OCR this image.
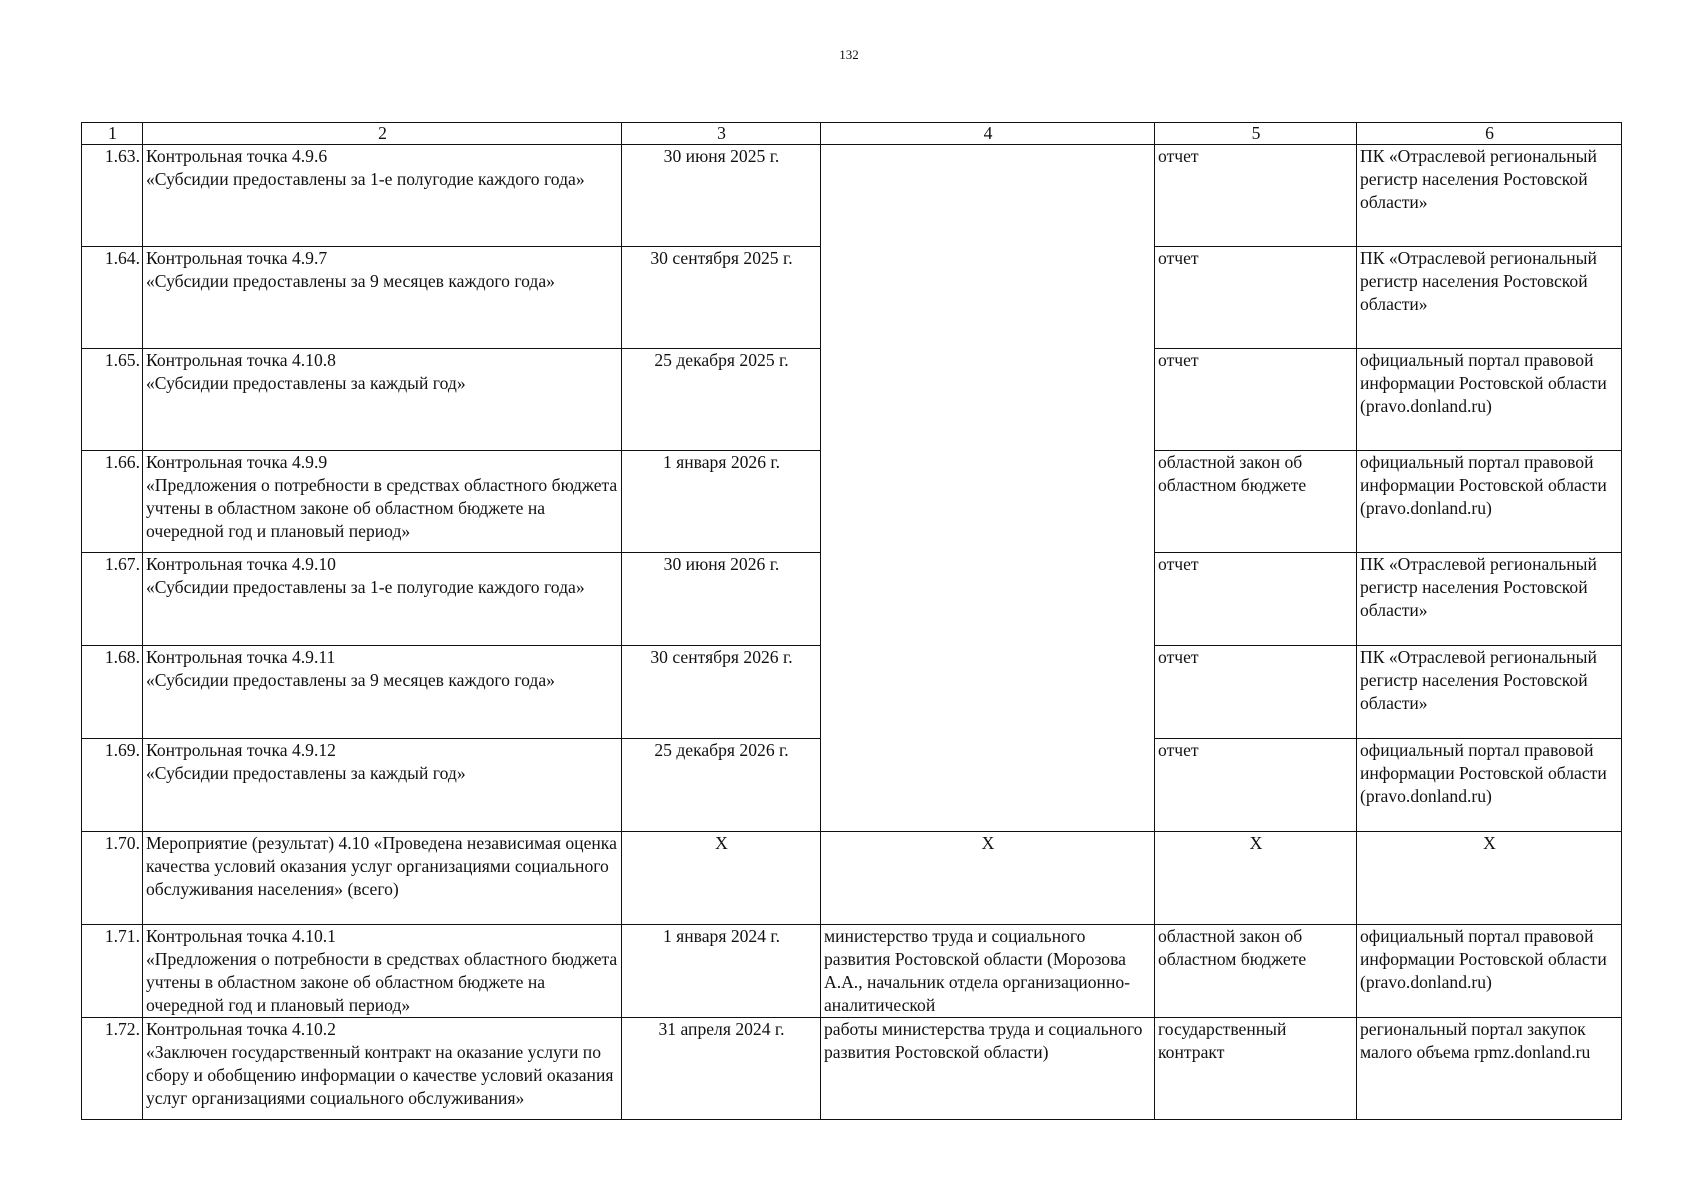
132
1	2	3	4	5	6
1.63.	Контрольная точка 4.9.6
«Субсидии предоставлены за 1-е полугодие каждого года»	30 июня 2025 г.		отчет	ПК «Отраслевой региональный регистр населения Ростовской области»
1.64.	Контрольная точка 4.9.7
«Субсидии предоставлены за 9 месяцев каждого года»	30 сентября 2025 г.		отчет	ПК «Отраслевой региональный регистр населения Ростовской области»
1.65.	Контрольная точка 4.10.8
«Субсидии предоставлены за каждый год»	25 декабря 2025 г.		отчет	официальный портал правовой информации Ростовской области (pravo.donland.ru)
1.66.	Контрольная точка 4.9.9
«Предложения о потребности в средствах областного бюджета учтены в областном законе об областном бюджете на очередной год и плановый период»	1 января 2026 г.		областной закон об областном бюджете	официальный портал правовой информации Ростовской области (pravo.donland.ru)
1.67.	Контрольная точка 4.9.10
«Субсидии предоставлены за 1-е полугодие каждого года»	30 июня 2026 г.		отчет	ПК «Отраслевой региональный регистр населения Ростовской области»
1.68.	Контрольная точка 4.9.11
«Субсидии предоставлены за 9 месяцев каждого года»	30 сентября 2026 г.		отчет	ПК «Отраслевой региональный регистр населения Ростовской области»
1.69.	Контрольная точка 4.9.12
«Субсидии предоставлены за каждый год»	25 декабря 2026 г.		отчет	официальный портал правовой информации Ростовской области (pravo.donland.ru)
1.70.	Мероприятие (результат) 4.10 «Проведена независимая оценка качества условий оказания услуг организациями социального обслуживания населения» (всего)	X	X	X	X
1.71.	Контрольная точка 4.10.1
«Предложения о потребности в средствах областного бюджета учтены в областном законе об областном бюджете на очередной год и плановый период»	1 января 2024 г.	министерство труда и социального развития Ростовской области (Морозова А.А., начальник отдела организационно-аналитической	областной закон об областном бюджете	официальный портал правовой информации Ростовской области (pravo.donland.ru)
1.72.	Контрольная точка 4.10.2
«Заключен государственный контракт на оказание услуги по сбору и обобщению информации о качестве условий оказания услуг организациями социального обслуживания»	31 апреля 2024 г.	работы министерства труда и социального развития Ростовской области)	государственный контракт	региональный портал закупок малого объема rpmz.donland.ru
